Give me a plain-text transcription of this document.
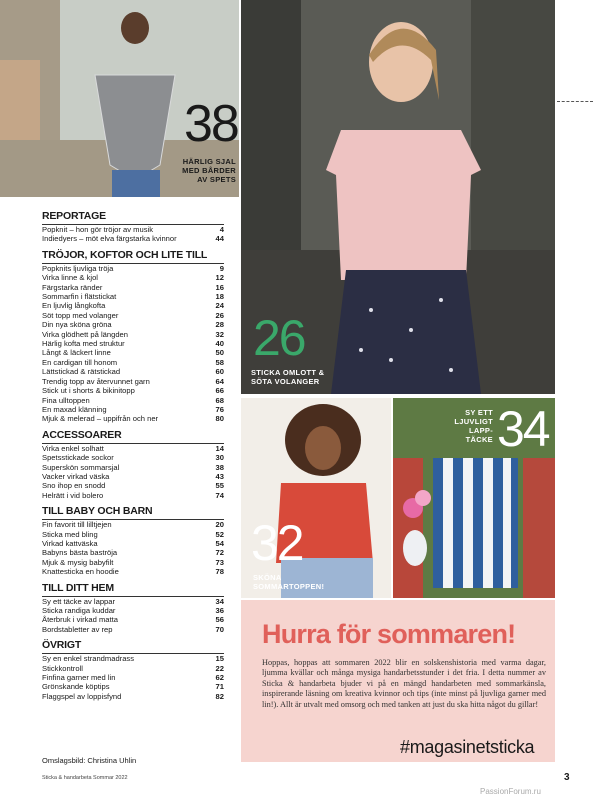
38
HÄRLIG SJAL
MED BÅRDER
AV SPETS
26
STICKA OMLOTT &
SÖTA VOLANGER
32
SKÖNA
SOMMARTOPPEN!
SY ETT
LJUVLIGT
LAPP-
TÄCKE 34
REPORTAGE
Popknit – hon gör tröjor av musik	4
Indiedyers – möt elva färgstarka kvinnor	44
TRÖJOR, KOFTOR OCH LITE TILL
Popknits ljuvliga tröja	9
Virka linne & kjol	12
Färgstarka ränder	16
Sommarfin i flätstickat	18
En ljuvlig långkofta	24
Söt topp med volanger	26
Din nya sköna gröna	28
Virka glödhett på längden	32
Härlig kofta med struktur	40
Långt & läckert linne	50
En cardigan till honom	58
Lättstickad & rätstickad	60
Trendig topp av återvunnet garn	64
Stick ut i shorts & bikinitopp	66
Fina ulltoppen	68
En maxad klänning	76
Mjuk & melerad – uppifrån och ner	80
ACCESSOARER
Virka enkel solhatt	14
Spetsstickade sockor	30
Superskön sommarsjal	38
Vacker virkad väska	43
Sno ihop en snodd	55
Helrätt i vid bolero	74
TILL BABY OCH BARN
Fin favorit till lilltjejen	20
Sticka med bling	52
Virkad kattväska	54
Babyns bästa baströja	72
Mjuk & mysig babyfilt	73
Knattesticka en hoodie	78
TILL DITT HEM
Sy ett täcke av lappar	34
Sticka randiga kuddar	36
Återbruk i virkad matta	56
Bordstabletter av rep	70
ÖVRIGT
Sy en enkel strandmadrass	15
Stickkontroll	22
Finfina garner med lin	62
Grönskande köptips	71
Flaggspel av loppisfynd	82
Omslagsbild: Christina Uhlin
Sticka & handarbeta Sommar 2022	3
PassionForum.ru
Hurra för sommaren!
Hoppas, hoppas att sommaren 2022 blir en solskenshistoria med varma dagar, ljumma kvällar och många mysiga handarbetsstunder i det fria. I detta nummer av Sticka & handarbeta bjuder vi på en mängd handarbeten med sommarkänsla, inspirerande läsning om kreativa kvinnor och tips (inte minst på ljuvliga garner med lin!). Allt är utvalt med omsorg och med tanken att just du ska hitta något du gillar!
#magasinetsticka
